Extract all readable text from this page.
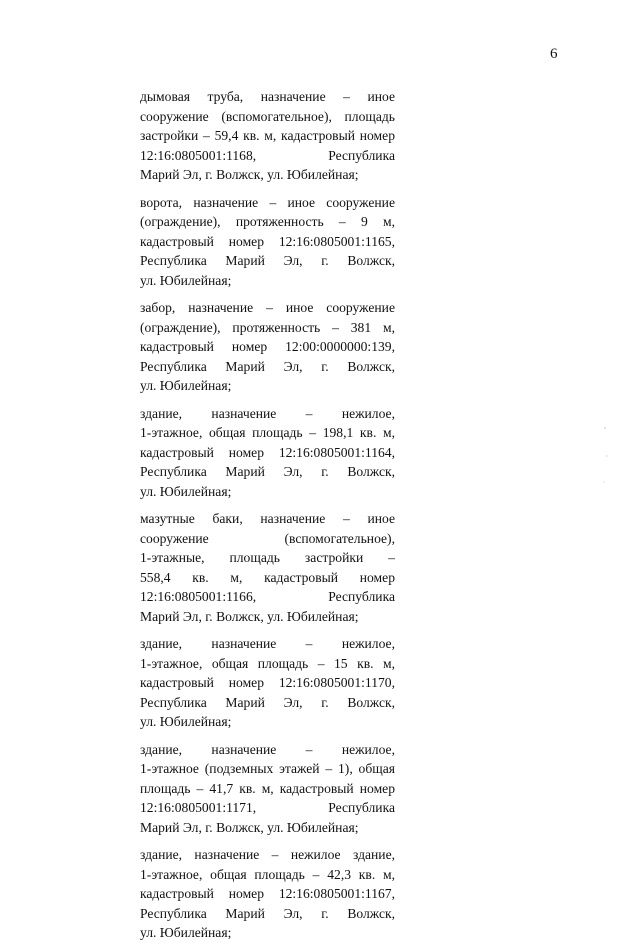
6
дымовая труба, назначение – иное
сооружение (вспомогательное), площадь
застройки – 59,4 кв. м, кадастровый номер
12:16:0805001:1168, Республика
Марий Эл, г. Волжск, ул. Юбилейная;
ворота, назначение – иное сооружение
(ограждение), протяженность – 9 м,
кадастровый номер 12:16:0805001:1165,
Республика Марий Эл, г. Волжск,
ул. Юбилейная;
забор, назначение – иное сооружение
(ограждение), протяженность – 381 м,
кадастровый номер 12:00:0000000:139,
Республика Марий Эл, г. Волжск,
ул. Юбилейная;
здание, назначение – нежилое,
1-этажное, общая площадь – 198,1 кв. м,
кадастровый номер 12:16:0805001:1164,
Республика Марий Эл, г. Волжск,
ул. Юбилейная;
мазутные баки, назначение – иное
сооружение (вспомогательное),
1-этажные, площадь застройки –
558,4 кв. м, кадастровый номер
12:16:0805001:1166, Республика
Марий Эл, г. Волжск, ул. Юбилейная;
здание, назначение – нежилое,
1-этажное, общая площадь – 15 кв. м,
кадастровый номер 12:16:0805001:1170,
Республика Марий Эл, г. Волжск,
ул. Юбилейная;
здание, назначение – нежилое,
1-этажное (подземных этажей – 1), общая
площадь – 41,7 кв. м, кадастровый номер
12:16:0805001:1171, Республика
Марий Эл, г. Волжск, ул. Юбилейная;
здание, назначение – нежилое здание,
1-этажное, общая площадь – 42,3 кв. м,
кадастровый номер 12:16:0805001:1167,
Республика Марий Эл, г. Волжск,
ул. Юбилейная;
